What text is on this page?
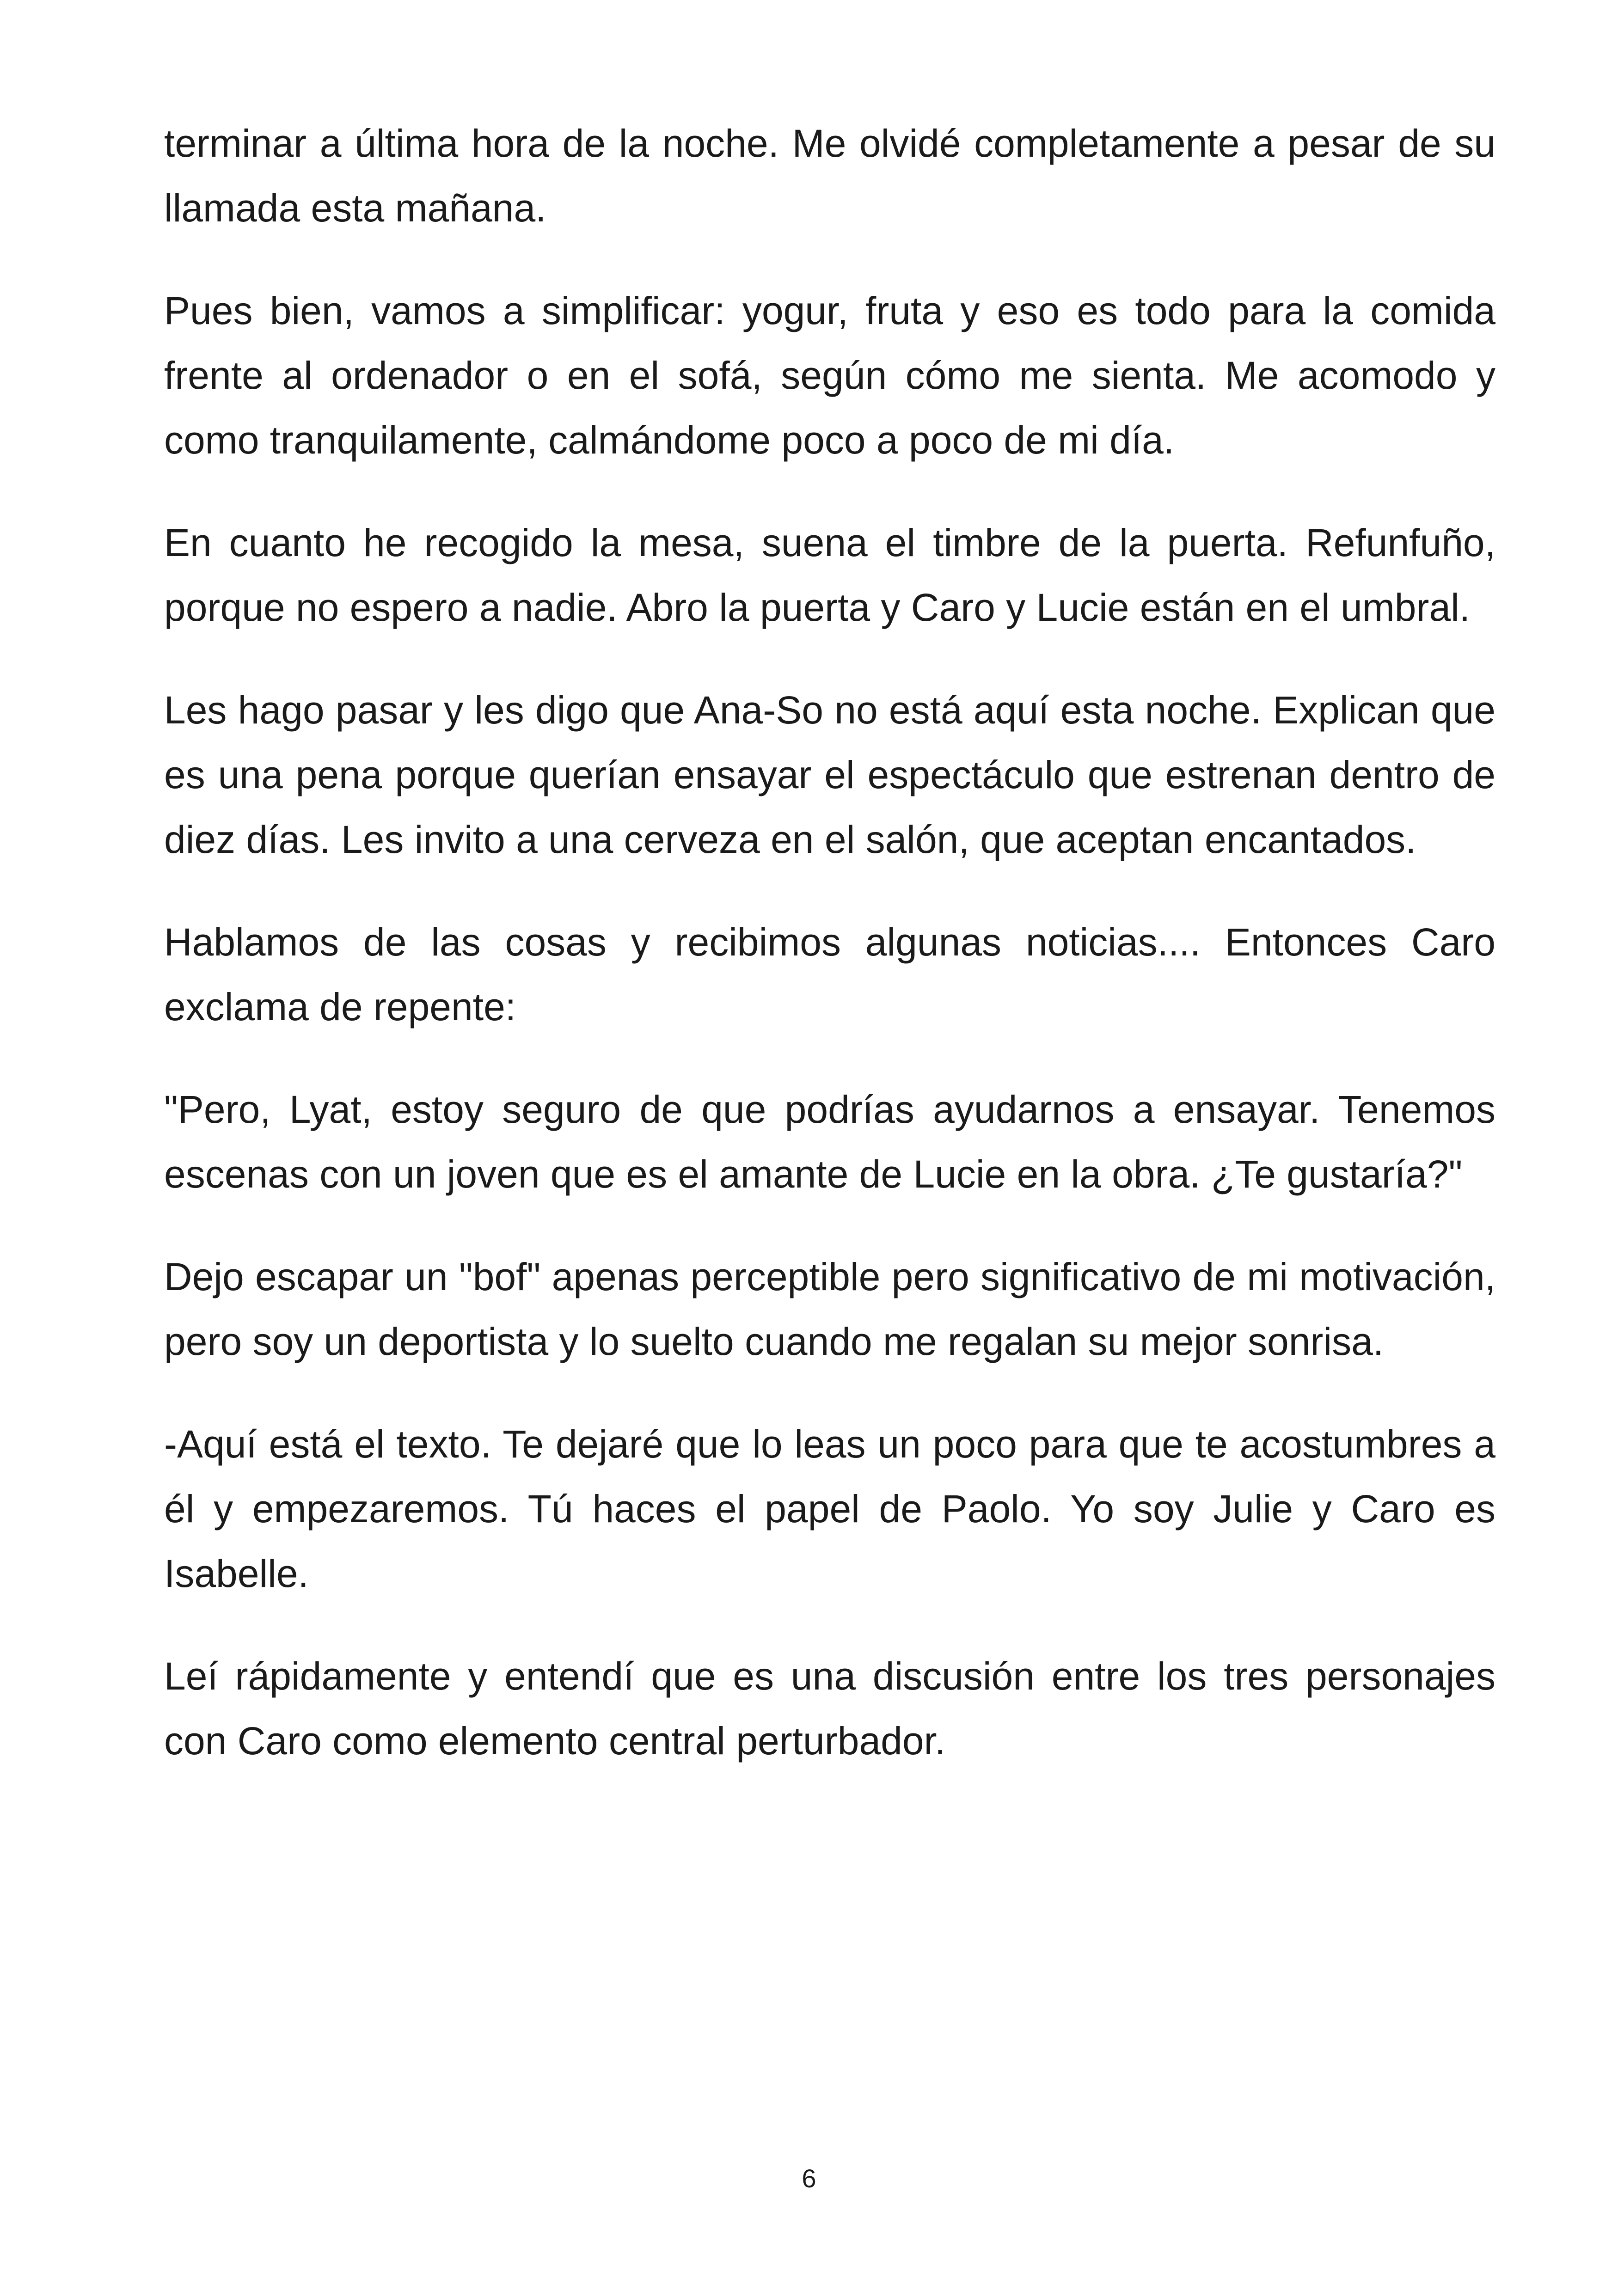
terminar a última hora de la noche. Me olvidé completamente a pesar de su llamada esta mañana.

Pues bien, vamos a simplificar: yogur, fruta y eso es todo para la comida frente al ordenador o en el sofá, según cómo me sienta. Me acomodo y como tranquilamente, calmándome poco a poco de mi día.

En cuanto he recogido la mesa, suena el timbre de la puerta. Refunfuño, porque no espero a nadie. Abro la puerta y Caro y Lucie están en el umbral.

Les hago pasar y les digo que Ana-So no está aquí esta noche. Explican que es una pena porque querían ensayar el espectáculo que estrenan dentro de diez días. Les invito a una cerveza en el salón, que aceptan encantados.

Hablamos de las cosas y recibimos algunas noticias.... Entonces Caro exclama de repente:

"Pero, Lyat, estoy seguro de que podrías ayudarnos a ensayar. Tenemos escenas con un joven que es el amante de Lucie en la obra. ¿Te gustaría?"

Dejo escapar un "bof" apenas perceptible pero significativo de mi motivación, pero soy un deportista y lo suelto cuando me regalan su mejor sonrisa.

-Aquí está el texto. Te dejaré que lo leas un poco para que te acostumbres a él y empezaremos. Tú haces el papel de Paolo. Yo soy Julie y Caro es Isabelle.

Leí rápidamente y entendí que es una discusión entre los tres personajes con Caro como elemento central perturbador.

6
